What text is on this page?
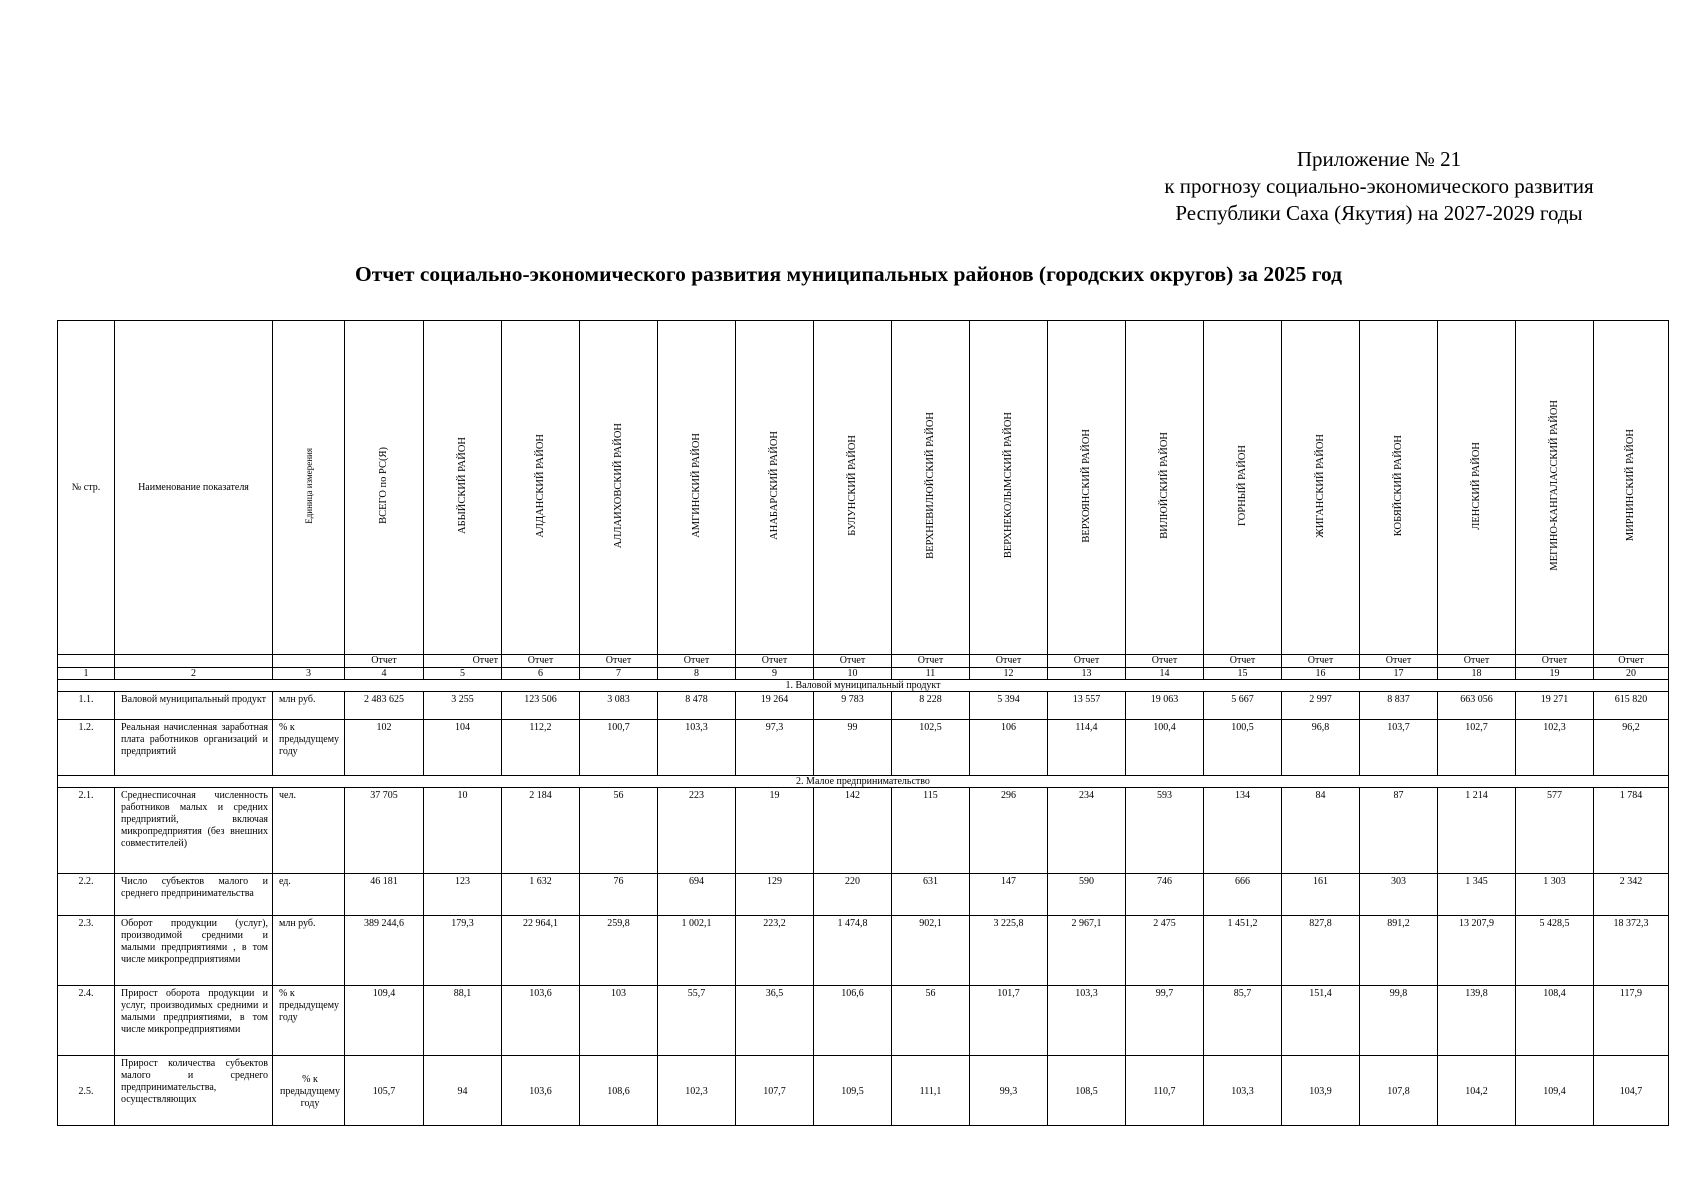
Приложение № 21
к прогнозу социально-экономического развития
Республики Саха (Якутия) на 2027-2029 годы
Отчет социально-экономического развития муниципальных районов (городских округов) за 2025 год
№ стр.	Наименование показателя	Единица измерения	ВСЕГО по РС(Я)	АБЫЙСКИЙ РАЙОН	АЛДАНСКИЙ РАЙОН	АЛЛАИХОВСКИЙ РАЙОН	АМГИНСКИЙ РАЙОН	АНАБАРСКИЙ РАЙОН	БУЛУНСКИЙ РАЙОН	ВЕРХНЕВИЛЮЙСКИЙ РАЙОН	ВЕРХНЕКОЛЫМСКИЙ РАЙОН	ВЕРХОЯНСКИЙ РАЙОН	ВИЛЮЙСКИЙ РАЙОН	ГОРНЫЙ РАЙОН	ЖИГАНСКИЙ РАЙОН	КОБЯЙСКИЙ РАЙОН	ЛЕНСКИЙ РАЙОН	МЕГИНО-КАНГАЛАССКИЙ РАЙОН	МИРНИНСКИЙ РАЙОН
			Отчет	Отчет	Отчет	Отчет	Отчет	Отчет	Отчет	Отчет	Отчет	Отчет	Отчет	Отчет	Отчет	Отчет	Отчет	Отчет	Отчет
1	2	3	4	5	6	7	8	9	10	11	12	13	14	15	16	17	18	19	20
1. Валовой муниципальный продукт																			
1.1.	Валовой муниципальный продукт	млн руб.	2 483 625	3 255	123 506	3 083	8 478	19 264	9 783	8 228	5 394	13 557	19 063	5 667	2 997	8 837	663 056	19 271	615 820
1.2.	Реальная начисленная заработная плата работников организаций и предприятий	% к предыдущему году	102	104	112,2	100,7	103,3	97,3	99	102,5	106	114,4	100,4	100,5	96,8	103,7	102,7	102,3	96,2
2. Малое предпринимательство																			
2.1.	Среднесписочная численность работников малых и средних предприятий, включая микропредприятия (без внешних совместителей)	чел.	37 705	10	2 184	56	223	19	142	115	296	234	593	134	84	87	1 214	577	1 784
2.2.	Число субъектов малого и среднего предпринимательства	ед.	46 181	123	1 632	76	694	129	220	631	147	590	746	666	161	303	1 345	1 303	2 342
2.3.	Оборот продукции (услуг), производимой средними и малыми предприятиями , в том числе микропредприятиями	млн руб.	389 244,6	179,3	22 964,1	259,8	1 002,1	223,2	1 474,8	902,1	3 225,8	2 967,1	2 475	1 451,2	827,8	891,2	13 207,9	5 428,5	18 372,3
2.4.	Прирост оборота продукции и услуг, производимых средними и малыми предприятиями, в том числе микропредприятиями	% к предыдущему году	109,4	88,1	103,6	103	55,7	36,5	106,6	56	101,7	103,3	99,7	85,7	151,4	99,8	139,8	108,4	117,9
2.5.	Прирост количества субъектов малого и среднего предпринимательства, осуществляющих	% к предыдущему году	105,7	94	103,6	108,6	102,3	107,7	109,5	111,1	99,3	108,5	110,7	103,3	103,9	107,8	104,2	109,4	104,7
